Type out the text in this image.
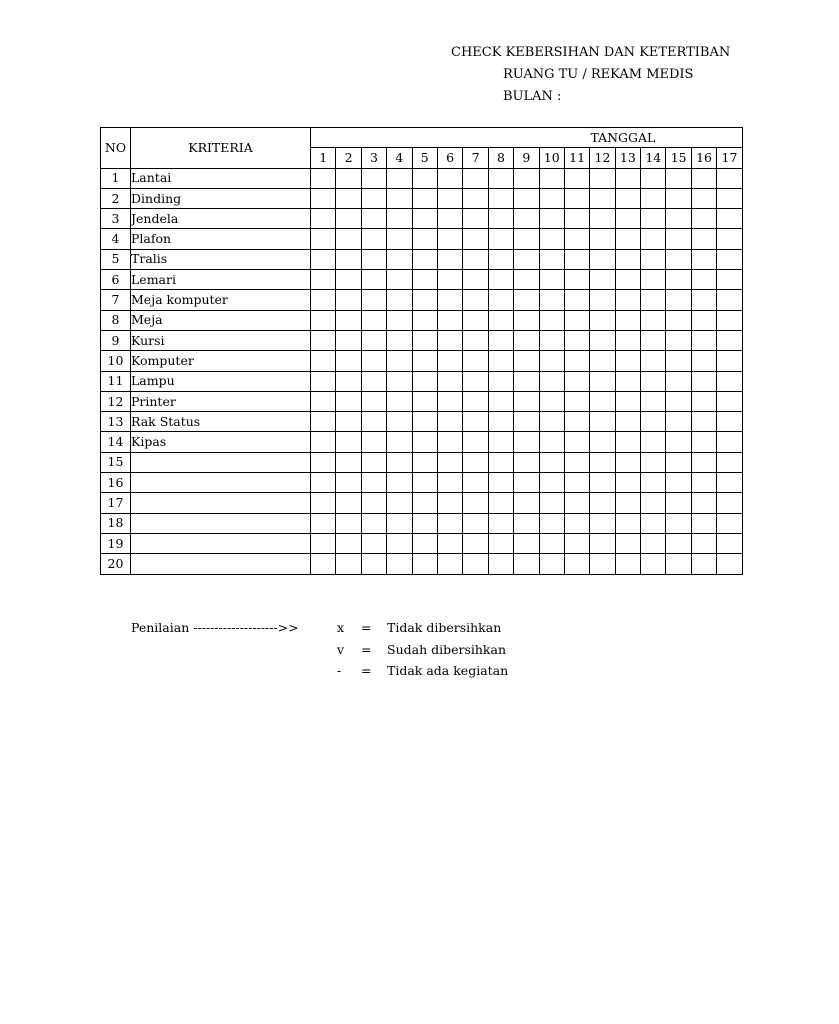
CHECK KEBERSIHAN DAN KETERTIBAN
RUANG TU / REKAM MEDIS
BULAN :
NO	KRITERIA	TANGGAL																
		1	2	3	4	5	6	7	8	9	10	11	12	13	14	15	16	17
1	Lantai																	
2	Dinding																	
3	Jendela																	
4	Plafon																	
5	Tralis																	
6	Lemari																	
7	Meja komputer																	
8	Meja																	
9	Kursi																	
10	Komputer																	
11	Lampu																	
12	Printer																	
13	Rak Status																	
14	Kipas																	
15																		
16																		
17																		
18																		
19																		
20																		
Penilaian -------------------->>	x = Tidak dibersihkan
v = Sudah dibersihkan
- = Tidak ada kegiatan
